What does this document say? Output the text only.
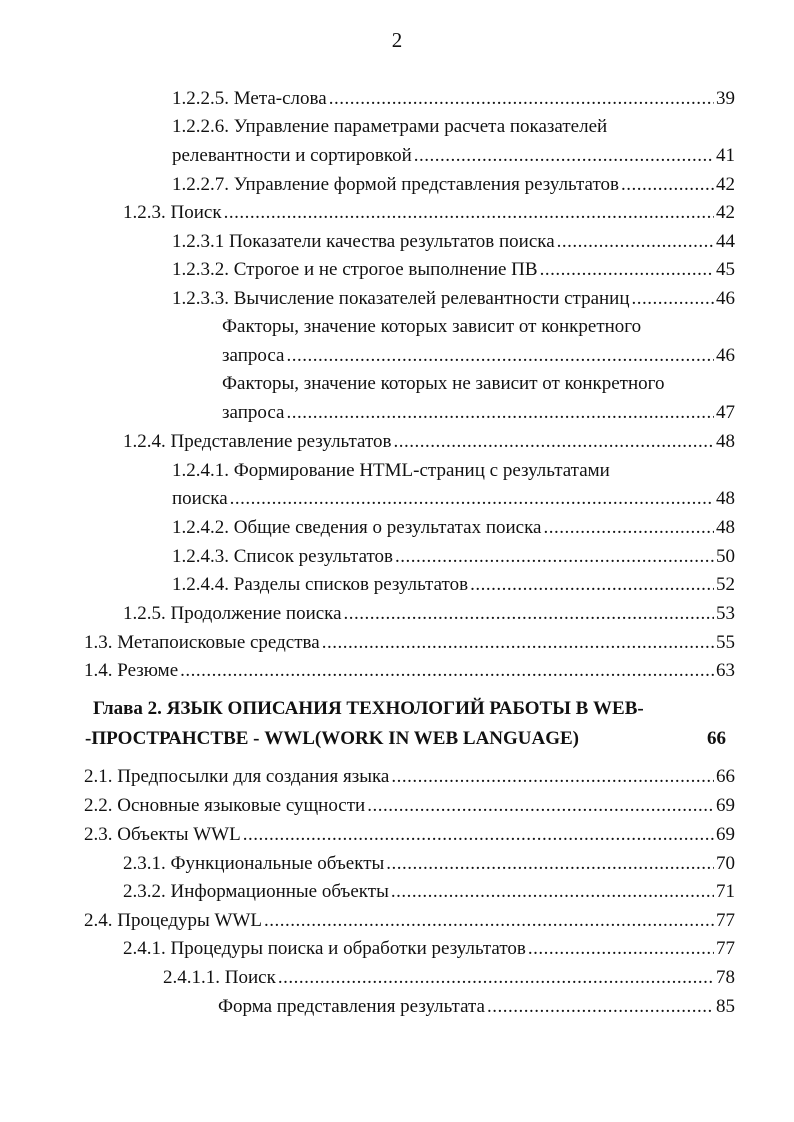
2
1.2.2.5. Мета-слова .....	39
1.2.2.6. Управление параметрами расчета показателей
релевантности и сортировкой .....	41
1.2.2.7. Управление формой представления результатов .....	42
1.2.3. Поиск .....	42
1.2.3.1 Показатели качества результатов поиска .....	44
1.2.3.2. Строгое и не строгое выполнение ПВ .....	45
1.2.3.3. Вычисление показателей релевантности страниц .....	46
Факторы, значение которых зависит от конкретного
запроса .....	46
Факторы, значение которых не зависит от конкретного
запроса .....	47
1.2.4. Представление результатов .....	48
1.2.4.1. Формирование HTML-страниц с результатами
поиска .....	48
1.2.4.2. Общие сведения о результатах поиска .....	48
1.2.4.3. Список результатов .....	50
1.2.4.4. Разделы списков результатов .....	52
1.2.5. Продолжение поиска .....	53
1.3. Метапоисковые средства .....	55
1.4. Резюме .....	63
Глава 2. ЯЗЫК ОПИСАНИЯ ТЕХНОЛОГИЙ РАБОТЫ В WEB-
-ПРОСТРАНСТВЕ - WWL(WORK IN WEB LANGUAGE)	66
2.1. Предпосылки для создания языка .....	66
2.2. Основные языковые сущности .....	69
2.3. Объекты WWL .....	69
2.3.1. Функциональные объекты .....	70
2.3.2. Информационные объекты .....	71
2.4. Процедуры WWL .....	77
2.4.1. Процедуры поиска и обработки результатов .....	77
2.4.1.1. Поиск .....	78
Форма представления результата .....	85
